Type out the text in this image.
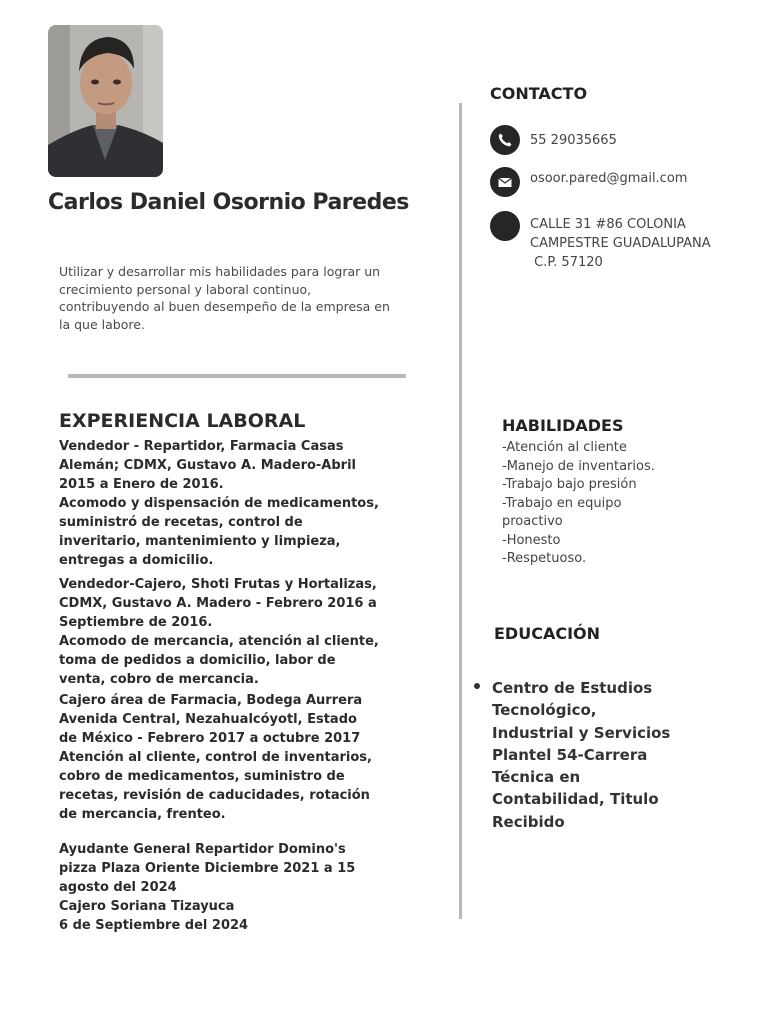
Carlos Daniel Osornio Paredes

Utilizar y desarrollar mis habilidades para lograr un crecimiento personal y laboral continuo, contribuyendo al buen desempeño de la empresa en la que labore.

EXPERIENCIA LABORAL
Vendedor - Repartidor, Farmacia Casas Alemán; CDMX, Gustavo A. Madero-Abril 2015 a Enero de 2016.
Acomodo y dispensación de medicamentos, suministró de recetas, control de inveritario, mantenimiento y limpieza, entregas a domicilio.
Vendedor-Cajero, Shoti Frutas y Hortalizas, CDMX, Gustavo A. Madero - Febrero 2016 a Septiembre de 2016.
Acomodo de mercancia, atención al cliente, toma de pedidos a domicilio, labor de venta, cobro de mercancia.
Cajero área de Farmacia, Bodega Aurrera Avenida Central, Nezahualcóyotl, Estado de México - Febrero 2017 a octubre 2017
Atención al cliente, control de inventarios, cobro de medicamentos, suministro de recetas, revisión de caducidades, rotación de mercancia, frenteo.
Ayudante General Repartidor Domino's pizza Plaza Oriente Diciembre 2021 a 15 agosto del 2024
Cajero Soriana Tizayuca
6 de Septiembre del 2024
CONTACTO
55 29035665
osoor.pared@gmail.com
CALLE 31 #86 COLONIA
CAMPESTRE GUADALUPANA
C.P. 57120
HABILIDADES
-Atención al cliente
-Manejo de inventarios.
-Trabajo bajo presión
-Trabajo en equipo proactivo
-Honesto
-Respetuoso.
EDUCACIÓN

Centro de Estudios Tecnológico, Industrial y Servicios Plantel 54-Carrera Técnica en Contabilidad, Titulo Recibido
